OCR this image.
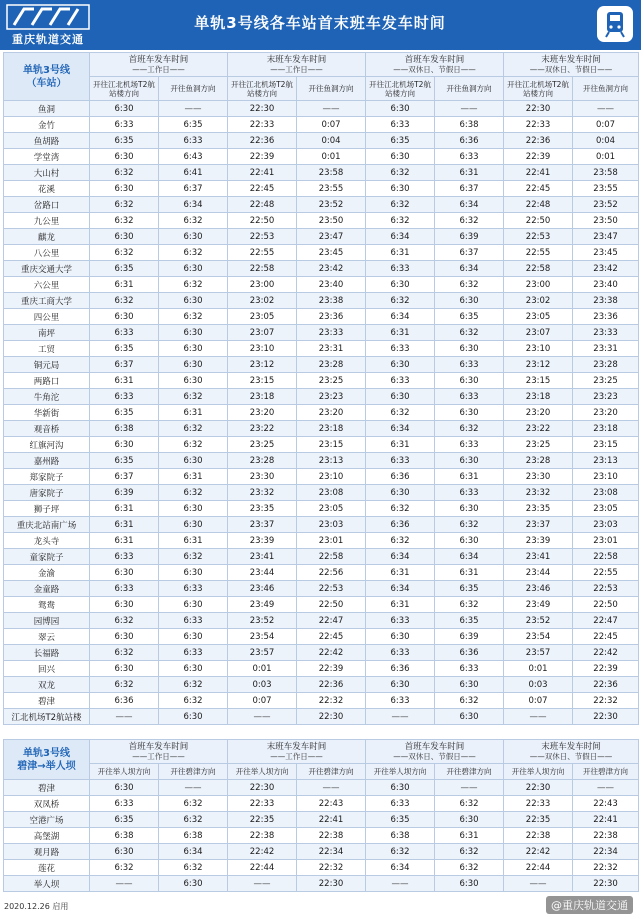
重庆轨道交通
单轨3号线各车站首末班车发车时间
单轨3号线
（车站）	首班车发车时间
——工作日——		末班车发车时间
——工作日——		首班车发车时间
——双休日、节假日——		末班车发车时间
——双休日、节假日——	

	开往江北机场T2航站楼方向	开往鱼洞方向	开往江北机场T2航站楼方向	开往鱼洞方向	开往江北机场T2航站楼方向	开往鱼洞方向	开往江北机场T2航站楼方向	开往鱼洞方向
鱼洞	6:30	——	22:30	——	6:30	——	22:30	——
金竹	6:33	6:35	22:33	0:07	6:33	6:38	22:33	0:07
鱼胡路	6:35	6:33	22:36	0:04	6:35	6:36	22:36	0:04
学堂湾	6:30	6:43	22:39	0:01	6:30	6:33	22:39	0:01
大山村	6:32	6:41	22:41	23:58	6:32	6:31	22:41	23:58
花溪	6:30	6:37	22:45	23:55	6:30	6:37	22:45	23:55
岔路口	6:32	6:34	22:48	23:52	6:32	6:34	22:48	23:52
九公里	6:32	6:32	22:50	23:50	6:32	6:32	22:50	23:50
麒龙	6:30	6:30	22:53	23:47	6:34	6:39	22:53	23:47
八公里	6:32	6:32	22:55	23:45	6:31	6:37	22:55	23:45
重庆交通大学	6:35	6:30	22:58	23:42	6:33	6:34	22:58	23:42
六公里	6:31	6:32	23:00	23:40	6:30	6:32	23:00	23:40
重庆工商大学	6:32	6:30	23:02	23:38	6:32	6:30	23:02	23:38
四公里	6:30	6:32	23:05	23:36	6:34	6:35	23:05	23:36
南坪	6:33	6:30	23:07	23:33	6:31	6:32	23:07	23:33
工贸	6:35	6:30	23:10	23:31	6:33	6:30	23:10	23:31
铜元局	6:37	6:30	23:12	23:28	6:30	6:33	23:12	23:28
两路口	6:31	6:30	23:15	23:25	6:33	6:30	23:15	23:25
牛角沱	6:33	6:32	23:18	23:23	6:30	6:33	23:18	23:23
华新街	6:35	6:31	23:20	23:20	6:32	6:30	23:20	23:20
观音桥	6:38	6:32	23:22	23:18	6:34	6:32	23:22	23:18
红旗河沟	6:30	6:32	23:25	23:15	6:31	6:33	23:25	23:15
嘉州路	6:35	6:30	23:28	23:13	6:33	6:30	23:28	23:13
郑家院子	6:37	6:31	23:30	23:10	6:36	6:31	23:30	23:10
唐家院子	6:39	6:32	23:32	23:08	6:30	6:33	23:32	23:08
狮子坪	6:31	6:30	23:35	23:05	6:32	6:30	23:35	23:05
重庆北站南广场	6:31	6:30	23:37	23:03	6:36	6:32	23:37	23:03
龙头寺	6:31	6:31	23:39	23:01	6:32	6:30	23:39	23:01
童家院子	6:33	6:32	23:41	22:58	6:34	6:34	23:41	22:58
金渝	6:30	6:30	23:44	22:56	6:31	6:31	23:44	22:55
金童路	6:33	6:33	23:46	22:53	6:34	6:35	23:46	22:53
鸳鸯	6:30	6:30	23:49	22:50	6:31	6:32	23:49	22:50
园博园	6:32	6:33	23:52	22:47	6:33	6:35	23:52	22:47
翠云	6:30	6:30	23:54	22:45	6:30	6:39	23:54	22:45
长福路	6:32	6:33	23:57	22:42	6:33	6:36	23:57	22:42
回兴	6:30	6:30	0:01	22:39	6:36	6:33	0:01	22:39
双龙	6:32	6:32	0:03	22:36	6:30	6:30	0:03	22:36
碧津	6:36	6:32	0:07	22:32	6:33	6:32	0:07	22:32
江北机场T2航站楼	——	6:30	——	22:30	——	6:30	——	22:30
单轨3号线
碧津→举人坝	首班车发车时间
——工作日——		末班车发车时间
——工作日——		首班车发车时间
——双休日、节假日——		末班车发车时间
——双休日、节假日——	

	开往举人坝方向	开往碧津方向	开往举人坝方向	开往碧津方向	开往举人坝方向	开往碧津方向	开往举人坝方向	开往碧津方向
碧津	6:30	——	22:30	——	6:30	——	22:30	——
双凤桥	6:33	6:32	22:33	22:43	6:33	6:32	22:33	22:43
空港广场	6:35	6:32	22:35	22:41	6:35	6:30	22:35	22:41
高堡湖	6:38	6:38	22:38	22:38	6:38	6:31	22:38	22:38
观月路	6:30	6:34	22:42	22:34	6:32	6:32	22:42	22:34
莲花	6:32	6:32	22:44	22:32	6:34	6:32	22:44	22:32
举人坝	——	6:30	——	22:30	——	6:30	——	22:30
2020.12.26 启用	@重庆轨道交通
